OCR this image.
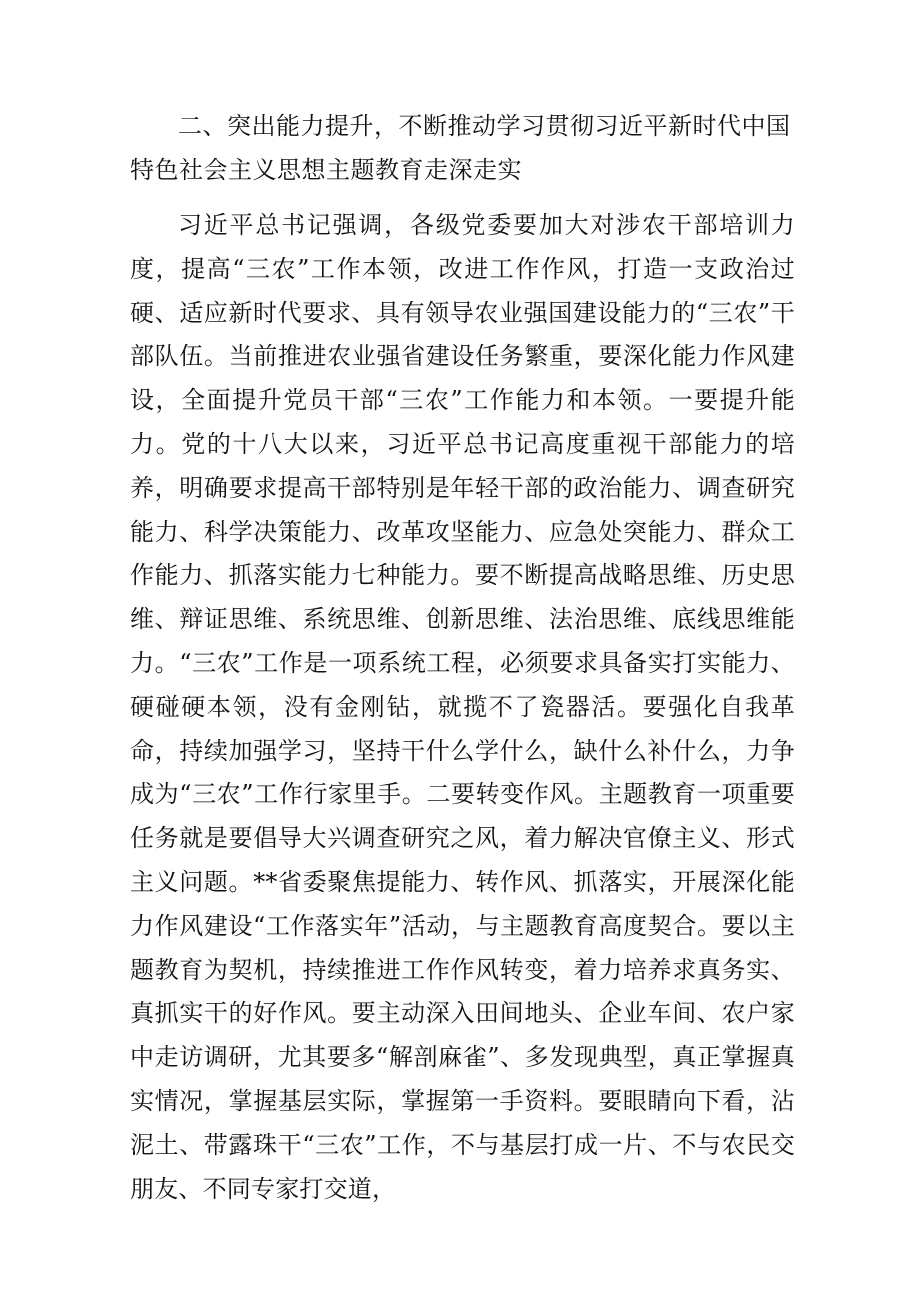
二、突出能力提升，不断推动学习贯彻习近平新时代中国特色社会主义思想主题教育走深走实

习近平总书记强调，各级党委要加大对涉农干部培训力度，提高“三农”工作本领，改进工作作风，打造一支政治过硬、适应新时代要求、具有领导农业强国建设能力的“三农”干部队伍。当前推进农业强省建设任务繁重，要深化能力作风建设，全面提升党员干部“三农”工作能力和本领。一要提升能力。党的十八大以来，习近平总书记高度重视干部能力的培养，明确要求提高干部特别是年轻干部的政治能力、调查研究能力、科学决策能力、改革攻坚能力、应急处突能力、群众工作能力、抓落实能力七种能力。要不断提高战略思维、历史思维、辩证思维、系统思维、创新思维、法治思维、底线思维能力。“三农”工作是一项系统工程，必须要求具备实打实能力、硬碰硬本领，没有金刚钻，就揽不了瓷器活。要强化自我革命，持续加强学习，坚持干什么学什么，缺什么补什么，力争成为“三农”工作行家里手。二要转变作风。主题教育一项重要任务就是要倡导大兴调查研究之风，着力解决官僚主义、形式主义问题。**省委聚焦提能力、转作风、抓落实，开展深化能力作风建设“工作落实年”活动，与主题教育高度契合。要以主题教育为契机，持续推进工作作风转变，着力培养求真务实、真抓实干的好作风。要主动深入田间地头、企业车间、农户家中走访调研，尤其要多“解剖麻雀”、多发现典型，真正掌握真实情况，掌握基层实际，掌握第一手资料。要眼睛向下看，沾泥土、带露珠干“三农”工作，不与基层打成一片、不与农民交朋友、不同专家打交道，
